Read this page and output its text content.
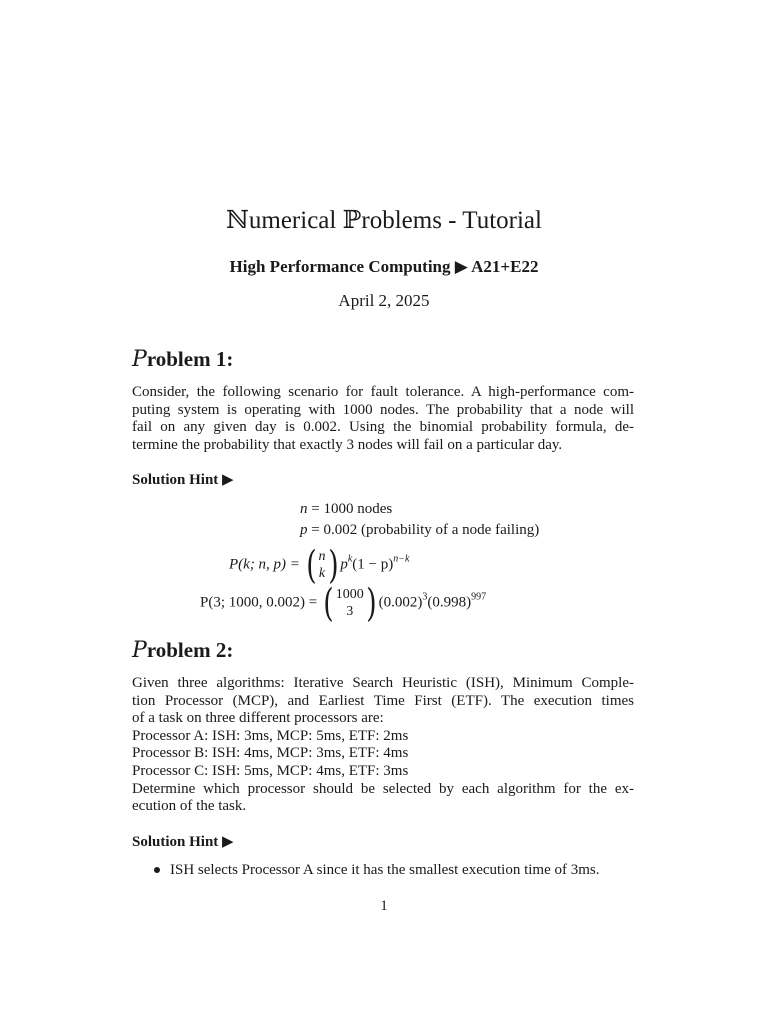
ℕumerical ℙroblems - Tutorial
High Performance Computing ▶ A21+E22
April 2, 2025
Problem 1:
Consider, the following scenario for fault tolerance. A high-performance com-
puting system is operating with 1000 nodes. The probability that a node will
fail on any given day is 0.002. Using the binomial probability formula, de-
termine the probability that exactly 3 nodes will fail on a particular day.
Solution Hint ▶
n = 1000 nodes
p = 0.002 (probability of a node failing)
P(k; n, p) = ( n
k ) $p^k(1 - p)^{n-k}$
P(3; 1000, 0.002) = ( 1000
3 ) $(0.002)^3(0.998)^{997}$
Problem 2:
Given three algorithms: Iterative Search Heuristic (ISH), Minimum Comple-
tion Processor (MCP), and Earliest Time First (ETF). The execution times
of a task on three different processors are:
Processor A: ISH: 3ms, MCP: 5ms, ETF: 2ms
Processor B: ISH: 4ms, MCP: 3ms, ETF: 4ms
Processor C: ISH: 5ms, MCP: 4ms, ETF: 3ms
Determine which processor should be selected by each algorithm for the ex-
ecution of the task.
Solution Hint ▶
ISH selects Processor A since it has the smallest execution time of 3ms.
1
